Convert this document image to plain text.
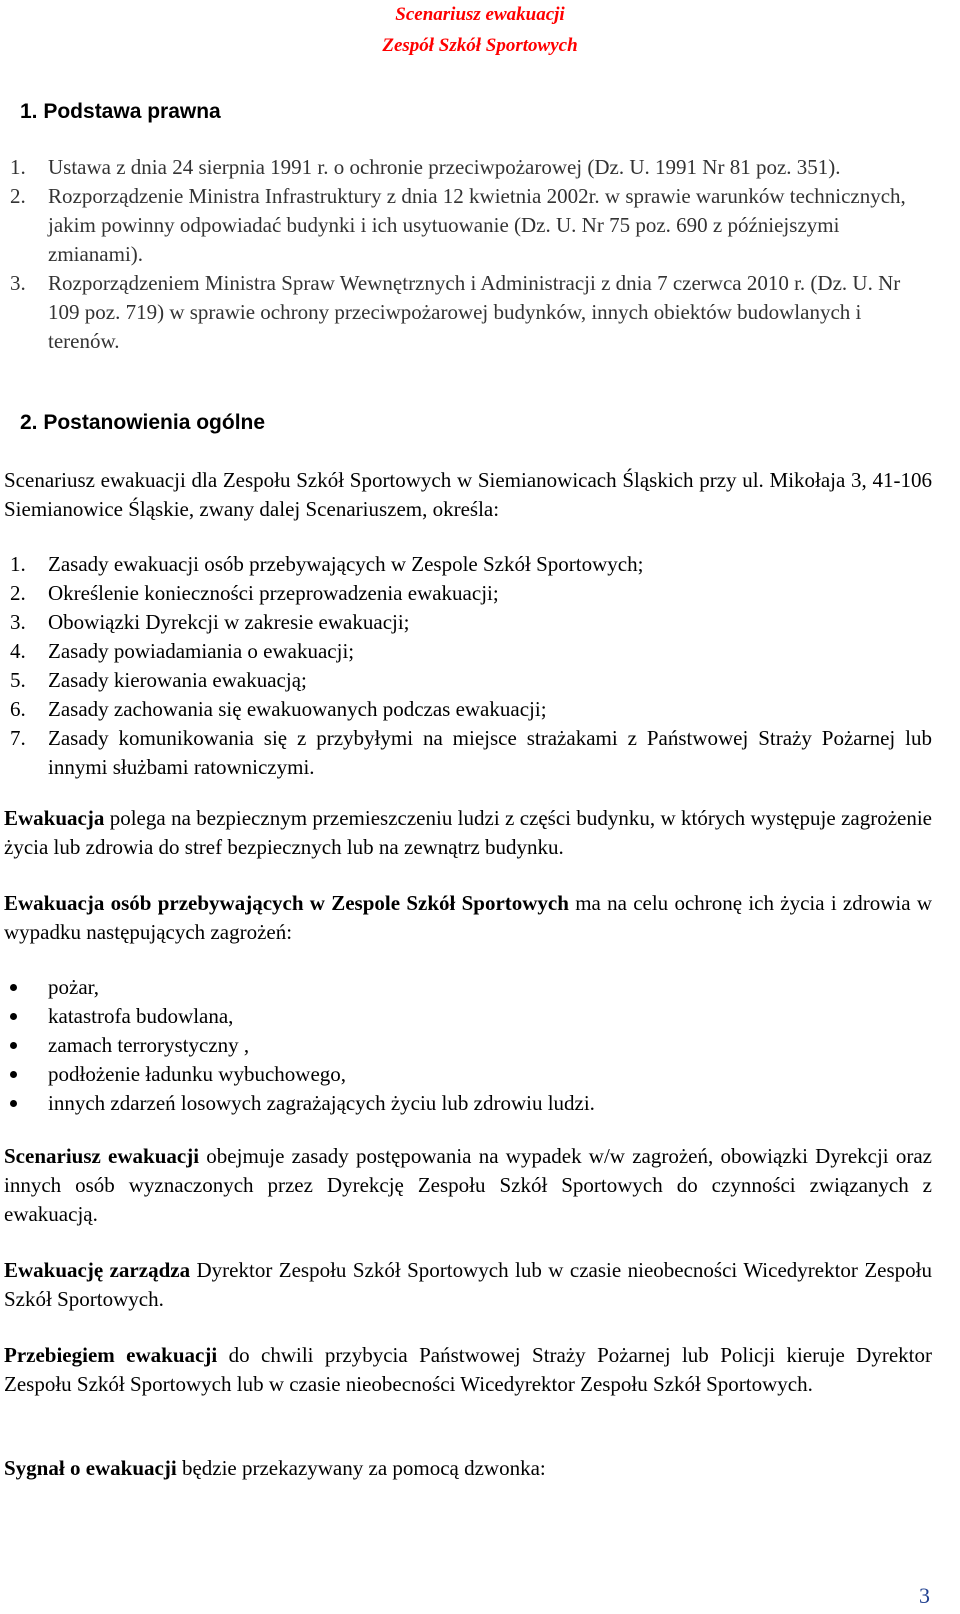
Scenariusz ewakuacji
Zespół Szkół Sportowych
1. Podstawa prawna
1. Ustawa z dnia 24 sierpnia 1991 r. o ochronie przeciwpożarowej (Dz. U. 1991 Nr 81 poz. 351).
2. Rozporządzenie Ministra Infrastruktury z dnia 12 kwietnia 2002r. w sprawie warunków technicznych, jakim powinny odpowiadać budynki i ich usytuowanie (Dz. U. Nr 75 poz. 690 z późniejszymi zmianami).
3. Rozporządzeniem Ministra Spraw Wewnętrznych i Administracji z dnia 7 czerwca 2010 r. (Dz. U. Nr 109 poz. 719) w sprawie ochrony przeciwpożarowej budynków, innych obiektów budowlanych i terenów.
2. Postanowienia ogólne

Scenariusz ewakuacji dla Zespołu Szkół Sportowych w Siemianowicach Śląskich przy ul. Mikołaja 3, 41-106 Siemianowice Śląskie, zwany dalej Scenariuszem, określa:

1. Zasady ewakuacji osób przebywających w Zespole Szkół Sportowych;
2. Określenie konieczności przeprowadzenia ewakuacji;
3. Obowiązki Dyrekcji w zakresie ewakuacji;
4. Zasady powiadamiania o ewakuacji;
5. Zasady kierowania ewakuacją;
6. Zasady zachowania się ewakuowanych podczas ewakuacji;
7. Zasady komunikowania się z przybyłymi na miejsce strażakami z Państwowej Straży Pożarnej lub innymi służbami ratowniczymi.

Ewakuacja polega na bezpiecznym przemieszczeniu ludzi z części budynku, w których występuje zagrożenie życia lub zdrowia do stref bezpiecznych lub na zewnątrz budynku.

Ewakuacja osób przebywających w Zespole Szkół Sportowych ma na celu ochronę ich życia i zdrowia w wypadku następujących zagrożeń:

pożar,
katastrofa budowlana,
zamach terrorystyczny ,
podłożenie ładunku wybuchowego,
innych zdarzeń losowych zagrażających życiu lub zdrowiu ludzi.

Scenariusz ewakuacji obejmuje zasady postępowania na wypadek w/w zagrożeń, obowiązki Dyrekcji oraz innych osób wyznaczonych przez Dyrekcję Zespołu Szkół Sportowych do czynności związanych z ewakuacją.

Ewakuację zarządza Dyrektor Zespołu Szkół Sportowych lub w czasie nieobecności Wicedyrektor Zespołu Szkół Sportowych.

Przebiegiem ewakuacji do chwili przybycia Państwowej Straży Pożarnej lub Policji kieruje Dyrektor Zespołu Szkół Sportowych lub w czasie nieobecności Wicedyrektor Zespołu Szkół Sportowych.

Sygnał o ewakuacji będzie przekazywany za pomocą dzwonka:

3
